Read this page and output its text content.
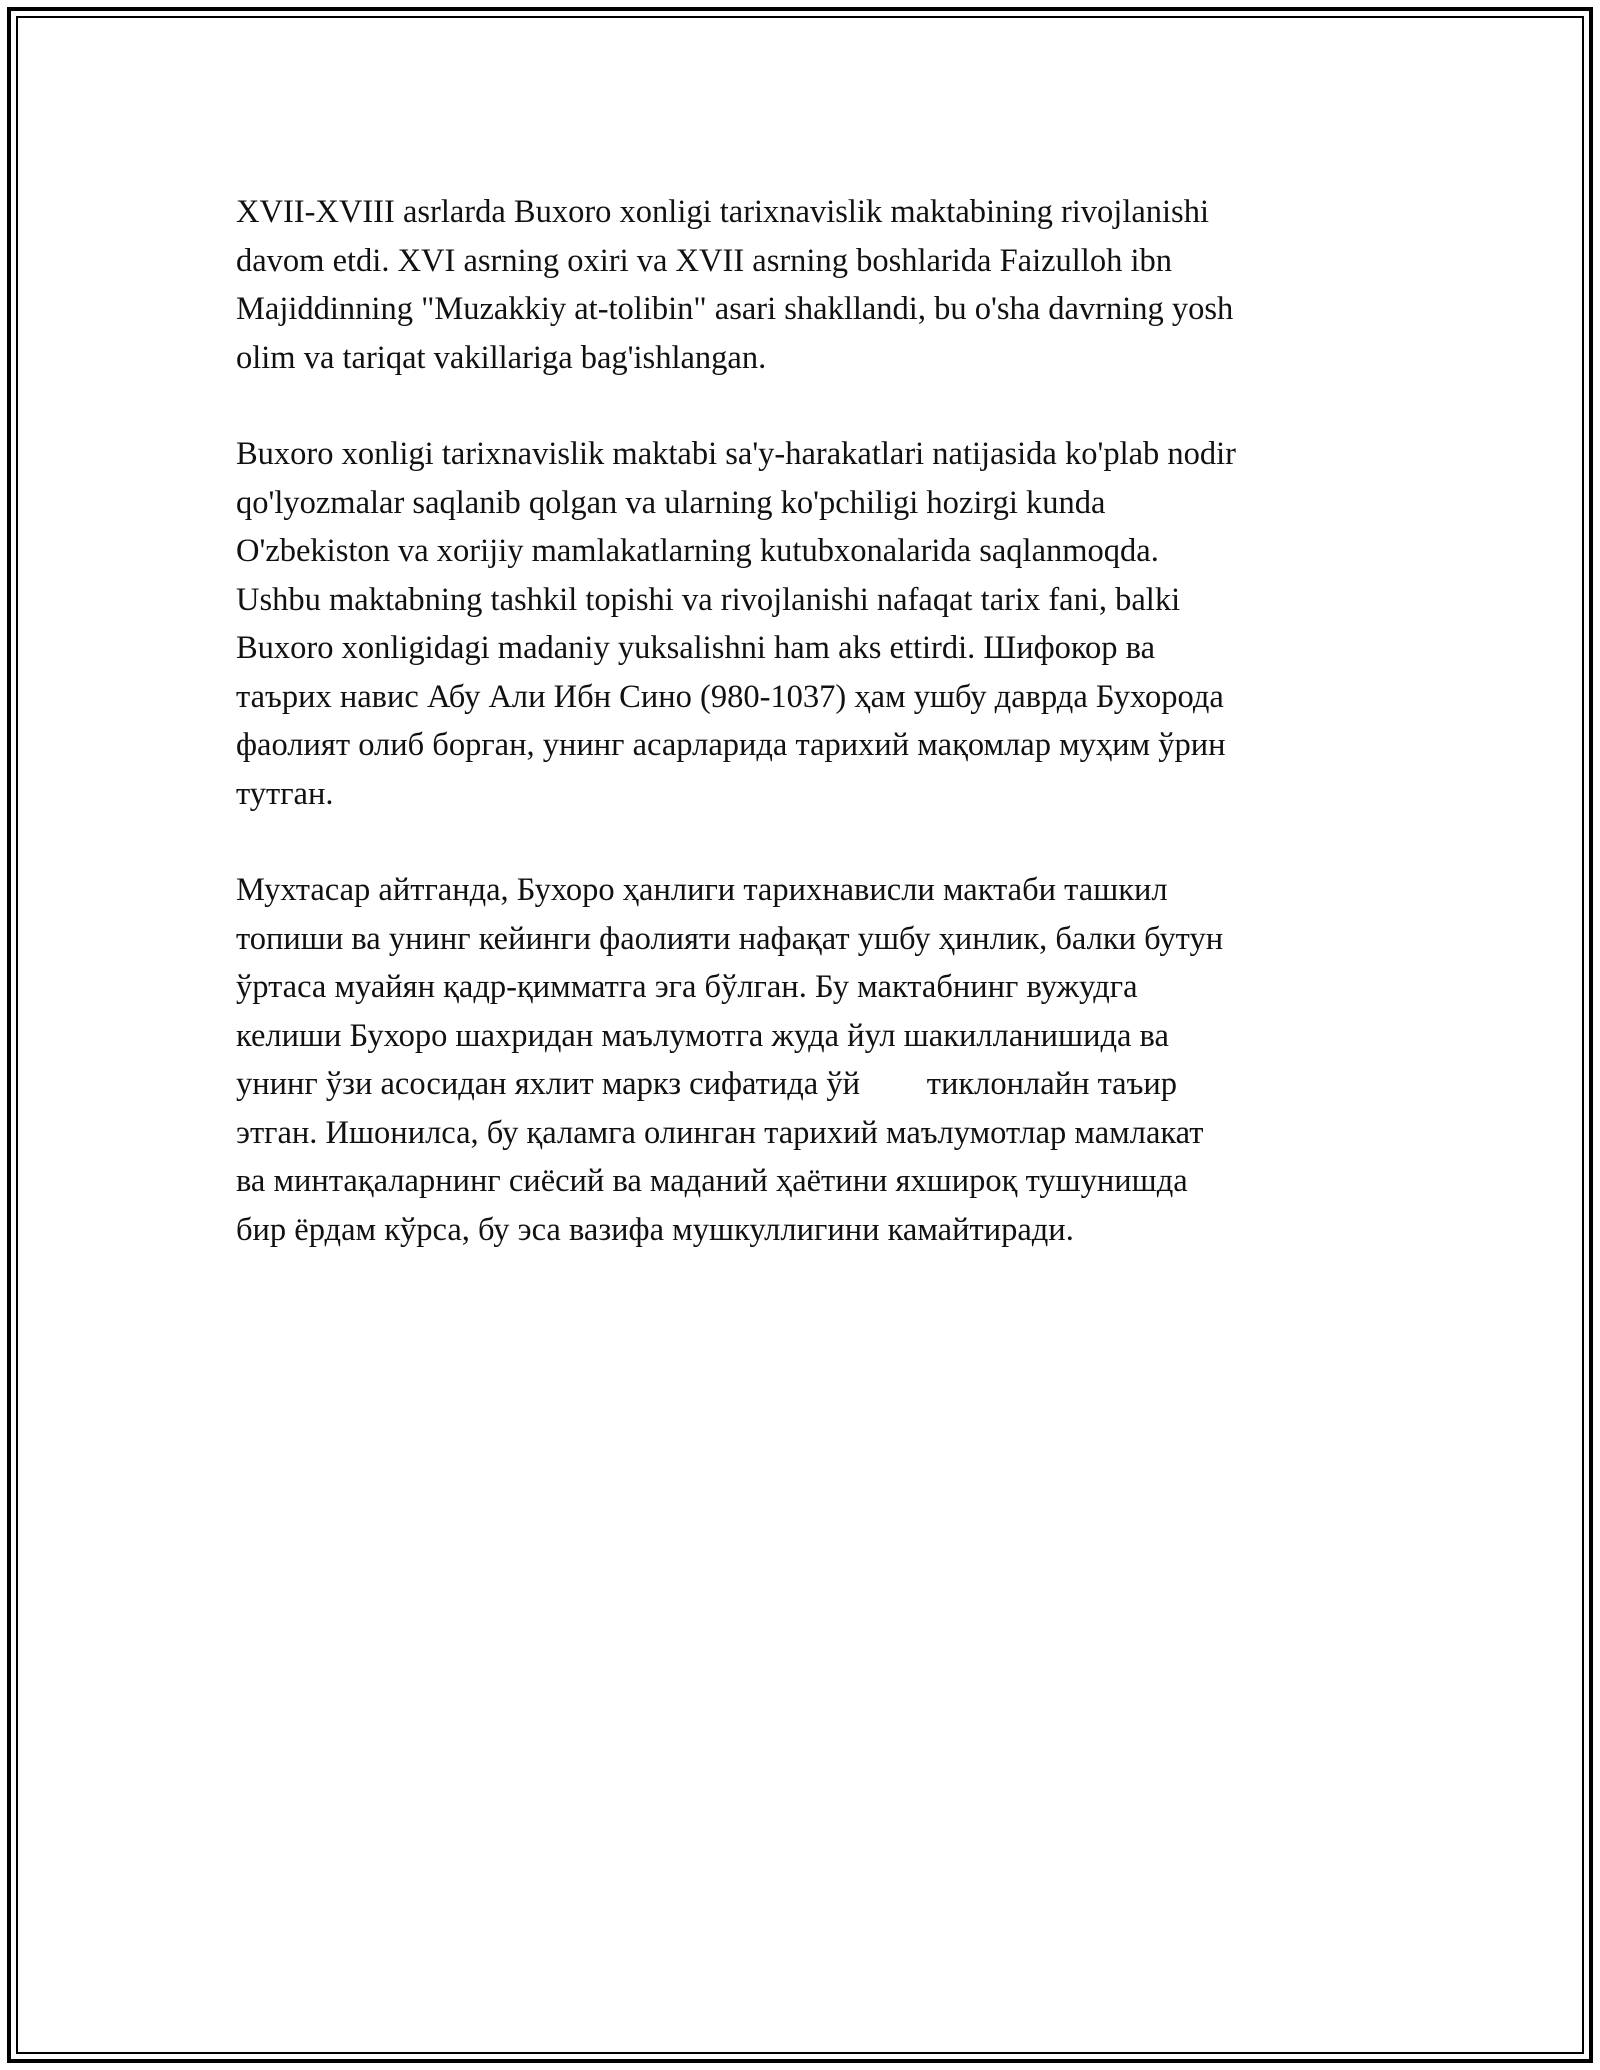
XVII-XVIII asrlarda Buxoro xonligi tarixnavislik maktabining rivojlanishi
davom etdi. XVI asrning oxiri va XVII asrning boshlarida Faizulloh ibn
Majiddinning "Muzakkiy at-tolibin" asari shakllandi, bu o'sha davrning yosh
olim va tariqat vakillariga bag'ishlangan.

Buxoro xonligi tarixnavislik maktabi sa'y-harakatlari natijasida ko'plab nodir
qo'lyozmalar saqlanib qolgan va ularning ko'pchiligi hozirgi kunda
O'zbekiston va xorijiy mamlakatlarning kutubxonalarida saqlanmoqda.
Ushbu maktabning tashkil topishi va rivojlanishi nafaqat tarix fani, balki
Buxoro xonligidagi madaniy yuksalishni ham aks ettirdi. Шифокор ва
таърих навис Абу Али Ибн Сино (980-1037) ҳам ушбу даврда Бухорода
фаолият олиб борган, унинг асарларида тарихий мақомлар муҳим ўрин
тутган.

Мухтасар айтганда, Бухоро ҳанлиги тарихнависли мактаби ташкил
топиши ва унинг кейинги фаолияти нафақат ушбу ҳинлик, балки бутун
ўртаса муайян қадр-қимматга эга бўлган. Бу мактабнинг вужудга
келиши Бухоро шахридан маълумотга жуда йул шакилланишида ва
унинг ўзи асосидан яхлит маркз сифатида ўй 􏰀􏰀 тиклонлайн таъир
этган. Ишонилса, бу қаламга олинган тарихий маълумотлар мамлакат
ва минтақаларнинг сиёсий ва маданий ҳаётини яхшироқ тушунишда
бир ёрдам кўрса, бу эса вазифа мушкуллигини камайтиради.
